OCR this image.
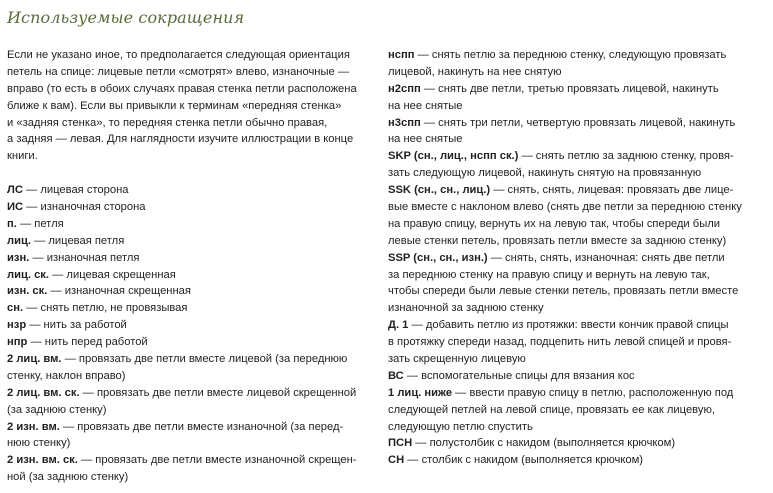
Используемые сокращения
Если не указано иное, то предполагается следующая ориентация
петель на спице: лицевые петли «смотрят» влево, изнаночные —
вправо (то есть в обоих случаях правая стенка петли расположена
ближе к вам). Если вы привыкли к терминам «передняя стенка»
и «задняя стенка», то передняя стенка петли обычно правая,
а задняя — левая. Для наглядности изучите иллюстрации в конце
книги.
ЛС — лицевая сторона
ИС — изнаночная сторона
п. — петля
лиц. — лицевая петля
изн. — изнаночная петля
лиц. ск. — лицевая скрещенная
изн. ск. — изнаночная скрещенная
сн. — снять петлю, не провязывая
нзр — нить за работой
нпр — нить перед работой
2 лиц. вм. — провязать две петли вместе лицевой (за переднюю
стенку, наклон вправо)
2 лиц. вм. ск. — провязать две петли вместе лицевой скрещенной
(за заднюю стенку)
2 изн. вм. — провязать две петли вместе изнаночной (за перед-
нюю стенку)
2 изн. вм. ск. — провязать две петли вместе изнаночной скрещен-
ной (за заднюю стенку)
нспп — снять петлю за переднюю стенку, следующую провязать
лицевой, накинуть на нее снятую
н2спп — снять две петли, третью провязать лицевой, накинуть
на нее снятые
н3спп — снять три петли, четвертую провязать лицевой, накинуть
на нее снятые
SKP (сн., лиц., нспп ск.) — снять петлю за заднюю стенку, провя-
зать следующую лицевой, накинуть снятую на провязанную
SSK (сн., сн., лиц.) — снять, снять, лицевая: провязать две лице-
вые вместе с наклоном влево (снять две петли за переднюю стенку
на правую спицу, вернуть их на левую так, чтобы спереди были
левые стенки петель, провязать петли вместе за заднюю стенку)
SSP (сн., сн., изн.) — снять, снять, изнаночная: снять две петли
за переднюю стенку на правую спицу и вернуть на левую так,
чтобы спереди были левые стенки петель, провязать петли вместе
изнаночной за заднюю стенку
Д. 1 — добавить петлю из протяжки: ввести кончик правой спицы
в протяжку спереди назад, подцепить нить левой спицей и провя-
зать скрещенную лицевую
ВС — вспомогательные спицы для вязания кос
1 лиц. ниже — ввести правую спицу в петлю, расположенную под
следующей петлей на левой спице, провязать ее как лицевую,
следующую петлю спустить
ПСН — полустолбик с накидом (выполняется крючком)
СН — столбик с накидом (выполняется крючком)
